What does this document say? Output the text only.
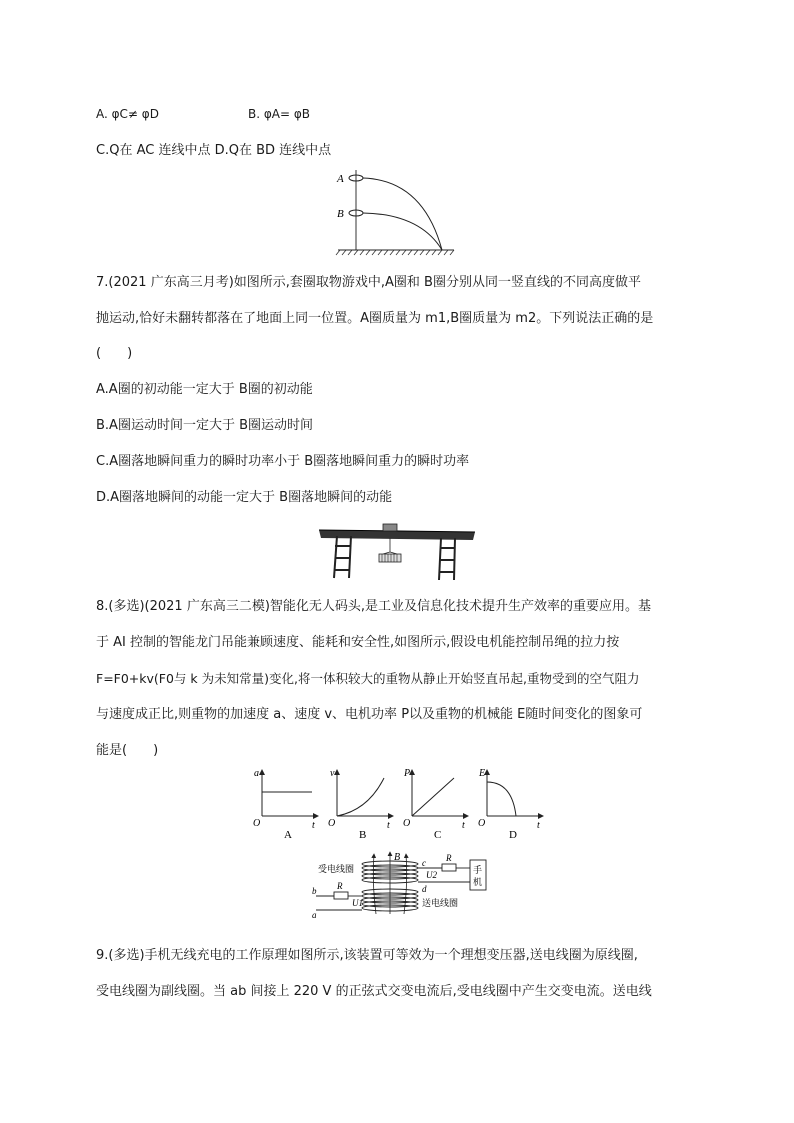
A. φC≠ φD	B. φA= φB
C.Q在 AC 连线中点 D.Q在 BD 连线中点
A
B
7.(2021 广东高三月考)如图所示,套圈取物游戏中,A圈和 B圈分别从同一竖直线的不同高度做平
抛运动,恰好未翻转都落在了地面上同一位置。A圈质量为 m1,B圈质量为 m2。下列说法正确的是
(　　)
A.A圈的初动能一定大于 B圈的初动能
B.A圈运动时间一定大于 B圈运动时间
C.A圈落地瞬间重力的瞬时功率小于 B圈落地瞬间重力的瞬时功率
D.A圈落地瞬间的动能一定大于 B圈落地瞬间的动能
8.(多选)(2021 广东高三二模)智能化无人码头,是工业及信息化技术提升生产效率的重要应用。基
于 AI 控制的智能龙门吊能兼顾速度、能耗和安全性,如图所示,假设电机能控制吊绳的拉力按
F=F0+kv(F0与 k 为未知常量)变化,将一体积较大的重物从静止开始竖直吊起,重物受到的空气阻力
与速度成正比,则重物的加速度 a、速度 v、电机功率 P以及重物的机械能 E随时间变化的图象可
能是(　　)
a
O	t
A
v
O	t
B
P
O	t
C
E
O	t
D
B
受电线圈
送电线圈
手
机
R
c
d
U2
R
b
a
U1
9.(多选)手机无线充电的工作原理如图所示,该装置可等效为一个理想变压器,送电线圈为原线圈,
受电线圈为副线圈。当 ab 间接上 220 V 的正弦式交变电流后,受电线圈中产生交变电流。送电线
